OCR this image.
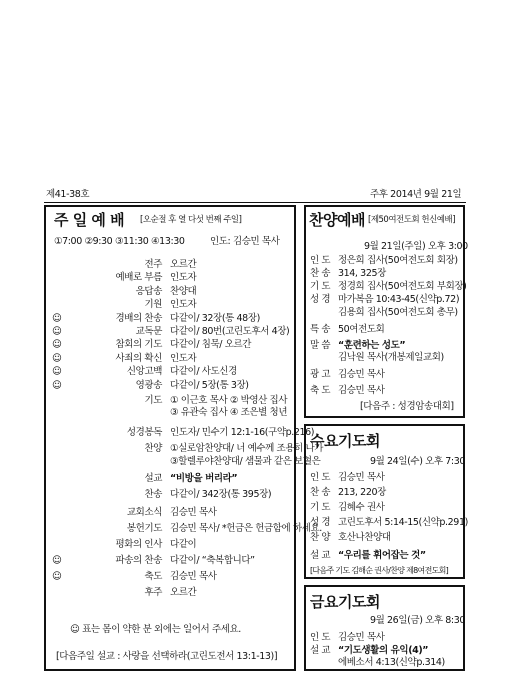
제41-38호	주후 2014년 9월 21일
주 일 예 배 [오순절 후 열 다섯 번째 주일]
①7:00 ②9:30 ③11:30 ④13:30	인도: 김승민 목사
전주 오르간
예배로 부름 인도자
응답송 찬양대
기원 인도자
☺	경배의 찬송 다같이/ 32장(통 48장)
☺	교독문 다같이/ 80번(고린도후서 4장)
☺	참회의 기도 다같이/ 침묵/ 오르간
☺	사죄의 확신 인도자
☺	신앙고백 다같이/ 사도신경
☺	영광송 다같이/ 5장(통 3장)
기도 ① 이근호 목사 ② 박영산 집사
③ 유관숙 집사 ④ 조은별 청년
성경봉독 인도자/ 민수기 12:1-16(구약p.216)
찬양 ①실로암찬양대/ 너 예수께 조용히 나가
③할렐루야찬양대/ 샘물과 같은 보혈은
설교 “비방을 버리라”
찬송 다같이/ 342장(통 395장)
교회소식 김승민 목사
봉헌기도 김승민 목사/ *헌금은 헌금함에 하세요.
평화의 인사 다같이
☺	파송의 찬송 다같이/ “축복합니다”
☺	축도 김승민 목사
후주 오르간
☺ 표는 몸이 약한 분 외에는 일어서 주세요.
[다음주일 설교 : 사랑을 선택하라(고린도전서 13:1-13)]
찬양예배 [제50여전도회 헌신예배]
9월 21일(주일) 오후 3:00
인 도 정은희 집사(50여전도회 회장)
찬 송 314, 325장
기 도 정경희 집사(50여전도회 부회장)
성 경 마가복음 10:43-45(신약p.72)
김용희 집사(50여전도회 총무)
특 송 50여전도회
말 씀 “훈련하는 성도”
김낙원 목사(개봉제일교회)
광 고 김승민 목사
축 도 김승민 목사
[다음주 : 성경암송대회]
수요기도회
9월 24일(수) 오후 7:30
인 도 김승민 목사
찬 송 213, 220장
기 도 김혜수 권사
성 경 고린도후서 5:14-15(신약p.291)
찬 양 호산나찬양대
설 교 “우리를 휘어잡는 것”
[다음주 기도 김해순 권사/찬양 제8여전도회]
금요기도회
9월 26일(금) 오후 8:30
인 도 김승민 목사
설 교 “기도생활의 유익(4)”
에베소서 4:13(신약p.314)
